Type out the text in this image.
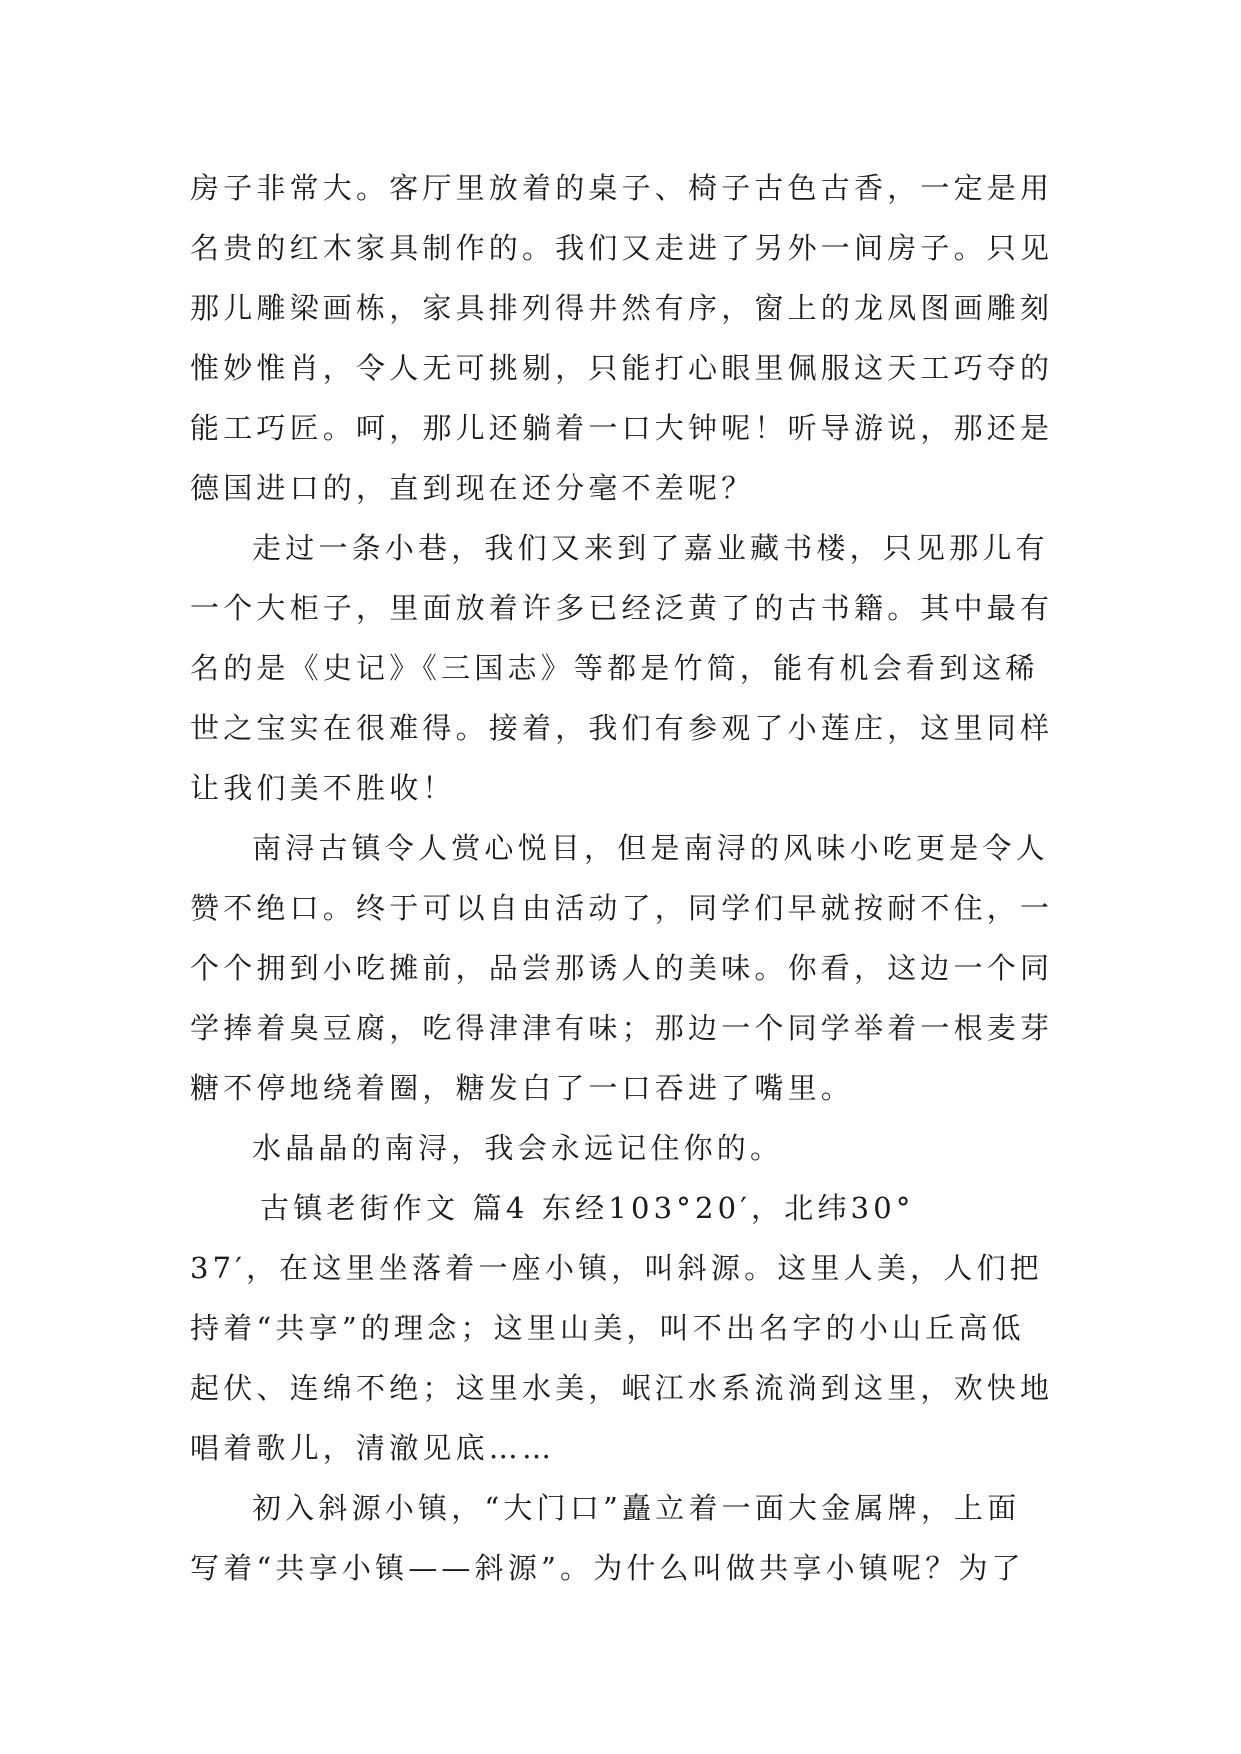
房子非常大。客厅里放着的桌子、椅子古色古香，一定是用
名贵的红木家具制作的。我们又走进了另外一间房子。只见
那儿雕梁画栋，家具排列得井然有序，窗上的龙凤图画雕刻
惟妙惟肖，令人无可挑剔，只能打心眼里佩服这天工巧夺的
能工巧匠。呵，那儿还躺着一口大钟呢！听导游说，那还是
德国进口的，直到现在还分毫不差呢？
走过一条小巷，我们又来到了嘉业藏书楼，只见那儿有
一个大柜子，里面放着许多已经泛黄了的古书籍。其中最有
名的是《史记》《三国志》等都是竹简，能有机会看到这稀
世之宝实在很难得。接着，我们有参观了小莲庄，这里同样
让我们美不胜收！
南浔古镇令人赏心悦目，但是南浔的风味小吃更是令人
赞不绝口。终于可以自由活动了，同学们早就按耐不住，一
个个拥到小吃摊前，品尝那诱人的美味。你看，这边一个同
学捧着臭豆腐，吃得津津有味；那边一个同学举着一根麦芽
糖不停地绕着圈，糖发白了一口吞进了嘴里。
水晶晶的南浔，我会永远记住你的。
古镇老街作文 篇4 东经103°20′，北纬30°
37′，在这里坐落着一座小镇，叫斜源。这里人美，人们把
持着“共享”的理念；这里山美，叫不出名字的小山丘高低
起伏、连绵不绝；这里水美，岷江水系流淌到这里，欢快地
唱着歌儿，清澈见底……
初入斜源小镇，“大门口”矗立着一面大金属牌，上面
写着“共享小镇——斜源”。为什么叫做共享小镇呢？为了
